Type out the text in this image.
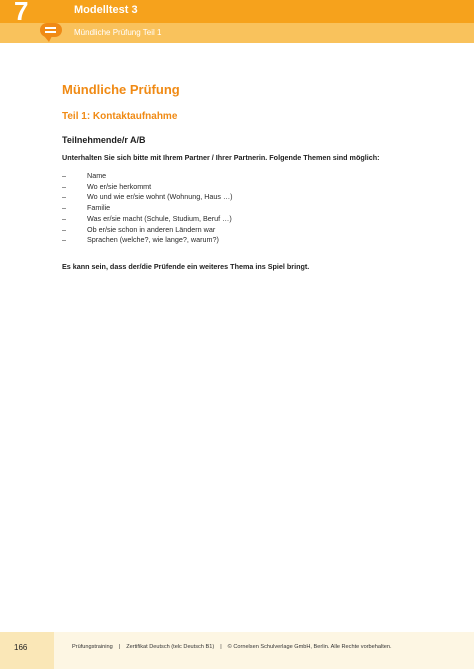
7	Modelltest 3
Mündliche Prüfung Teil 1
Mündliche Prüfung
Teil 1: Kontaktaufnahme
Teilnehmende/r A/B

Unterhalten Sie sich bitte mit Ihrem Partner / Ihrer Partnerin. Folgende Themen sind möglich:

–	Name
–	Wo er/sie herkommt
–	Wo und wie er/sie wohnt (Wohnung, Haus …)
–	Familie
–	Was er/sie macht (Schule, Studium, Beruf …)
–	Ob er/sie schon in anderen Ländern war
–	Sprachen (welche?, wie lange?, warum?)

Es kann sein, dass der/die Prüfende ein weiteres Thema ins Spiel bringt.

166	Prüfungstraining | Zertifikat Deutsch (telc Deutsch B1) | © Cornelsen Schulverlage GmbH, Berlin. Alle Rechte vorbehalten.
